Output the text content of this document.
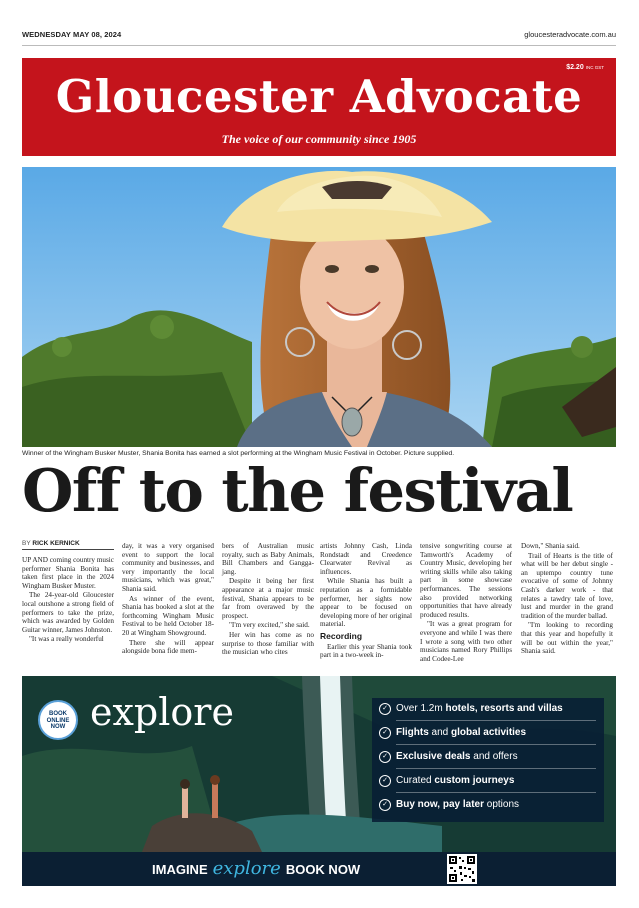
WEDNESDAY MAY 08, 2024	gloucesteradvocate.com.au
$2.20 INC GST
Gloucester Advocate
The voice of our community since 1905
Winner of the Wingham Busker Muster, Shania Bonita has earned a slot performing at the Wingham Music Festival in October. Picture supplied.
Off to the festival
BY RICK KERNICK

UP AND coming country music performer Shania Bonita has taken first place in the 2024 Wingham Busker Muster.

The 24-year-old Gloucester local outshone a strong field of performers to take the prize, which was awarded by Golden Guitar winner, James Johnston.

"It was a really wonderful

day, it was a very organised event to support the local community and businesses, and very importantly the local musicians, which was great," Shania said.

As winner of the event, Shania has booked a slot at the forthcoming Wingham Music Festival to be held October 18-20 at Wingham Showground.

There she will appear alongside bona fide mem-

bers of Australian music royalty, such as Baby Animals, Bill Chambers and Gangga-jang.

Despite it being her first appearance at a major music festival, Shania appears to be far from overawed by the prospect.

"I'm very excited," she said.

Her win has come as no surprise to those familiar with the musician who cites

artists Johnny Cash, Linda Rondstadt and Creedence Clearwater Revival as influences.

While Shania has built a reputation as a formidable performer, her sights now appear to be focused on developing more of her original material.

Recording

Earlier this year Shania took part in a two-week in-

tensive songwriting course at Tamworth's Academy of Country Music, developing her writing skills while also taking part in some showcase performances. The sessions also provided networking opportunities that have already produced results.

"It was a great program for everyone and while I was there I wrote a song with two other musicians named Rory Phillips and Codee-Lee

Down," Shania said.

Trail of Hearts is the title of what will be her debut single - an uptempo country tune evocative of some of Johnny Cash's darker work - that relates a tawdry tale of love, lust and murder in the grand tradition of the murder ballad.

"I'm looking to recording that this year and hopefully it will be out within the year," Shania said.

BOOK
ONLINE
NOW explore	✓ Over 1.2m hotels, resorts and villas
✓ Flights and global activities
✓ Exclusive deals and offers
✓ Curated custom journeys
✓ Buy now, pay later options
IMAGINE explore BOOK NOW
